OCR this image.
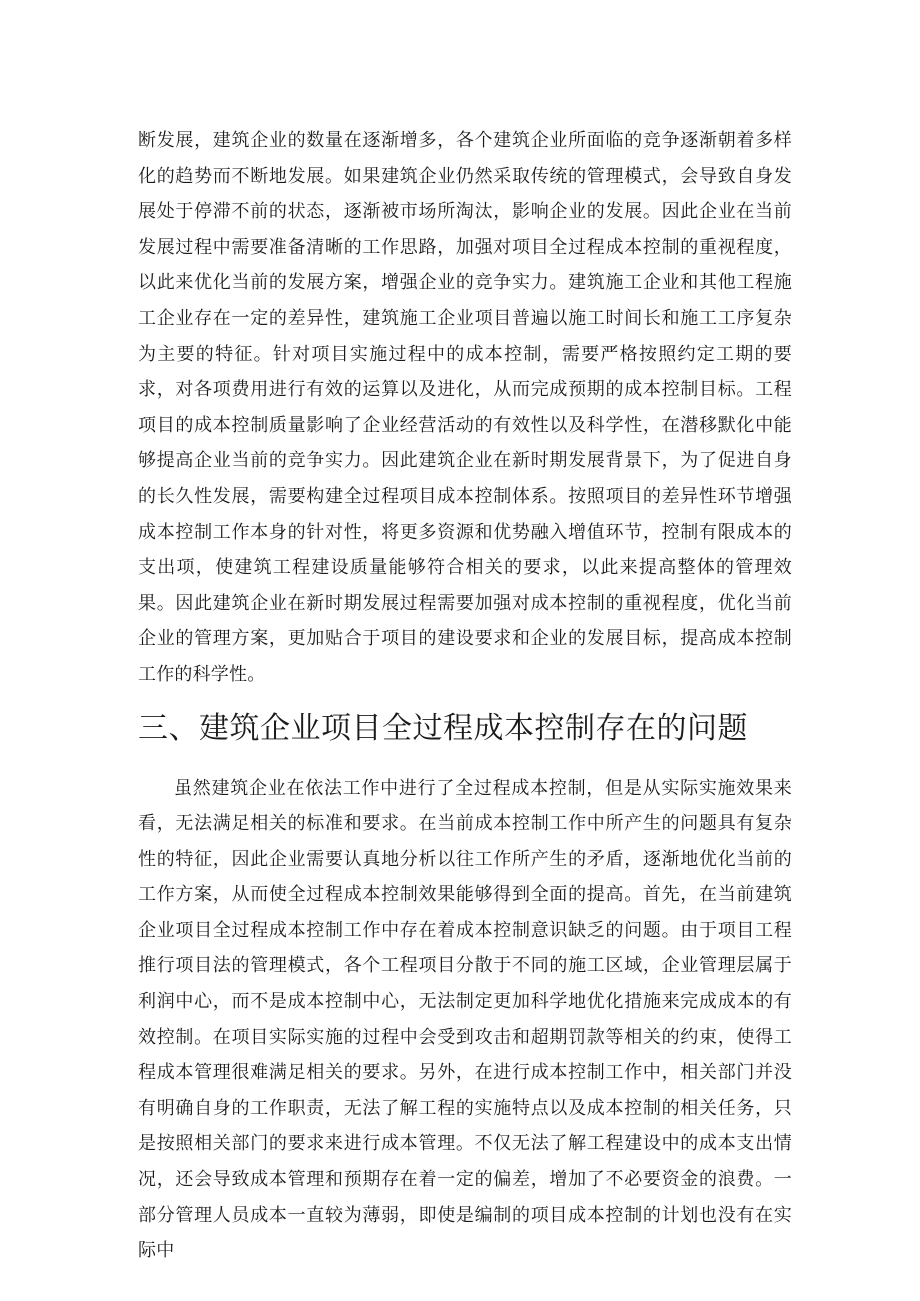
断发展，建筑企业的数量在逐渐增多，各个建筑企业所面临的竞争逐渐朝着多样化的趋势而不断地发展。如果建筑企业仍然采取传统的管理模式，会导致自身发展处于停滞不前的状态，逐渐被市场所淘汰，影响企业的发展。因此企业在当前发展过程中需要准备清晰的工作思路，加强对项目全过程成本控制的重视程度，以此来优化当前的发展方案，增强企业的竞争实力。建筑施工企业和其他工程施工企业存在一定的差异性，建筑施工企业项目普遍以施工时间长和施工工序复杂为主要的特征。针对项目实施过程中的成本控制，需要严格按照约定工期的要求，对各项费用进行有效的运算以及进化，从而完成预期的成本控制目标。工程项目的成本控制质量影响了企业经营活动的有效性以及科学性，在潜移默化中能够提高企业当前的竞争实力。因此建筑企业在新时期发展背景下，为了促进自身的长久性发展，需要构建全过程项目成本控制体系。按照项目的差异性环节增强成本控制工作本身的针对性，将更多资源和优势融入增值环节，控制有限成本的支出项，使建筑工程建设质量能够符合相关的要求，以此来提高整体的管理效果。因此建筑企业在新时期发展过程需要加强对成本控制的重视程度，优化当前企业的管理方案，更加贴合于项目的建设要求和企业的发展目标，提高成本控制工作的科学性。

三、建筑企业项目全过程成本控制存在的问题

虽然建筑企业在依法工作中进行了全过程成本控制，但是从实际实施效果来看，无法满足相关的标准和要求。在当前成本控制工作中所产生的问题具有复杂性的特征，因此企业需要认真地分析以往工作所产生的矛盾，逐渐地优化当前的工作方案，从而使全过程成本控制效果能够得到全面的提高。首先，在当前建筑企业项目全过程成本控制工作中存在着成本控制意识缺乏的问题。由于项目工程推行项目法的管理模式，各个工程项目分散于不同的施工区域，企业管理层属于利润中心，而不是成本控制中心，无法制定更加科学地优化措施来完成成本的有效控制。在项目实际实施的过程中会受到攻击和超期罚款等相关的约束，使得工程成本管理很难满足相关的要求。另外，在进行成本控制工作中，相关部门并没有明确自身的工作职责，无法了解工程的实施特点以及成本控制的相关任务，只是按照相关部门的要求来进行成本管理。不仅无法了解工程建设中的成本支出情况，还会导致成本管理和预期存在着一定的偏差，增加了不必要资金的浪费。一部分管理人员成本一直较为薄弱，即使是编制的项目成本控制的计划也没有在实际中
